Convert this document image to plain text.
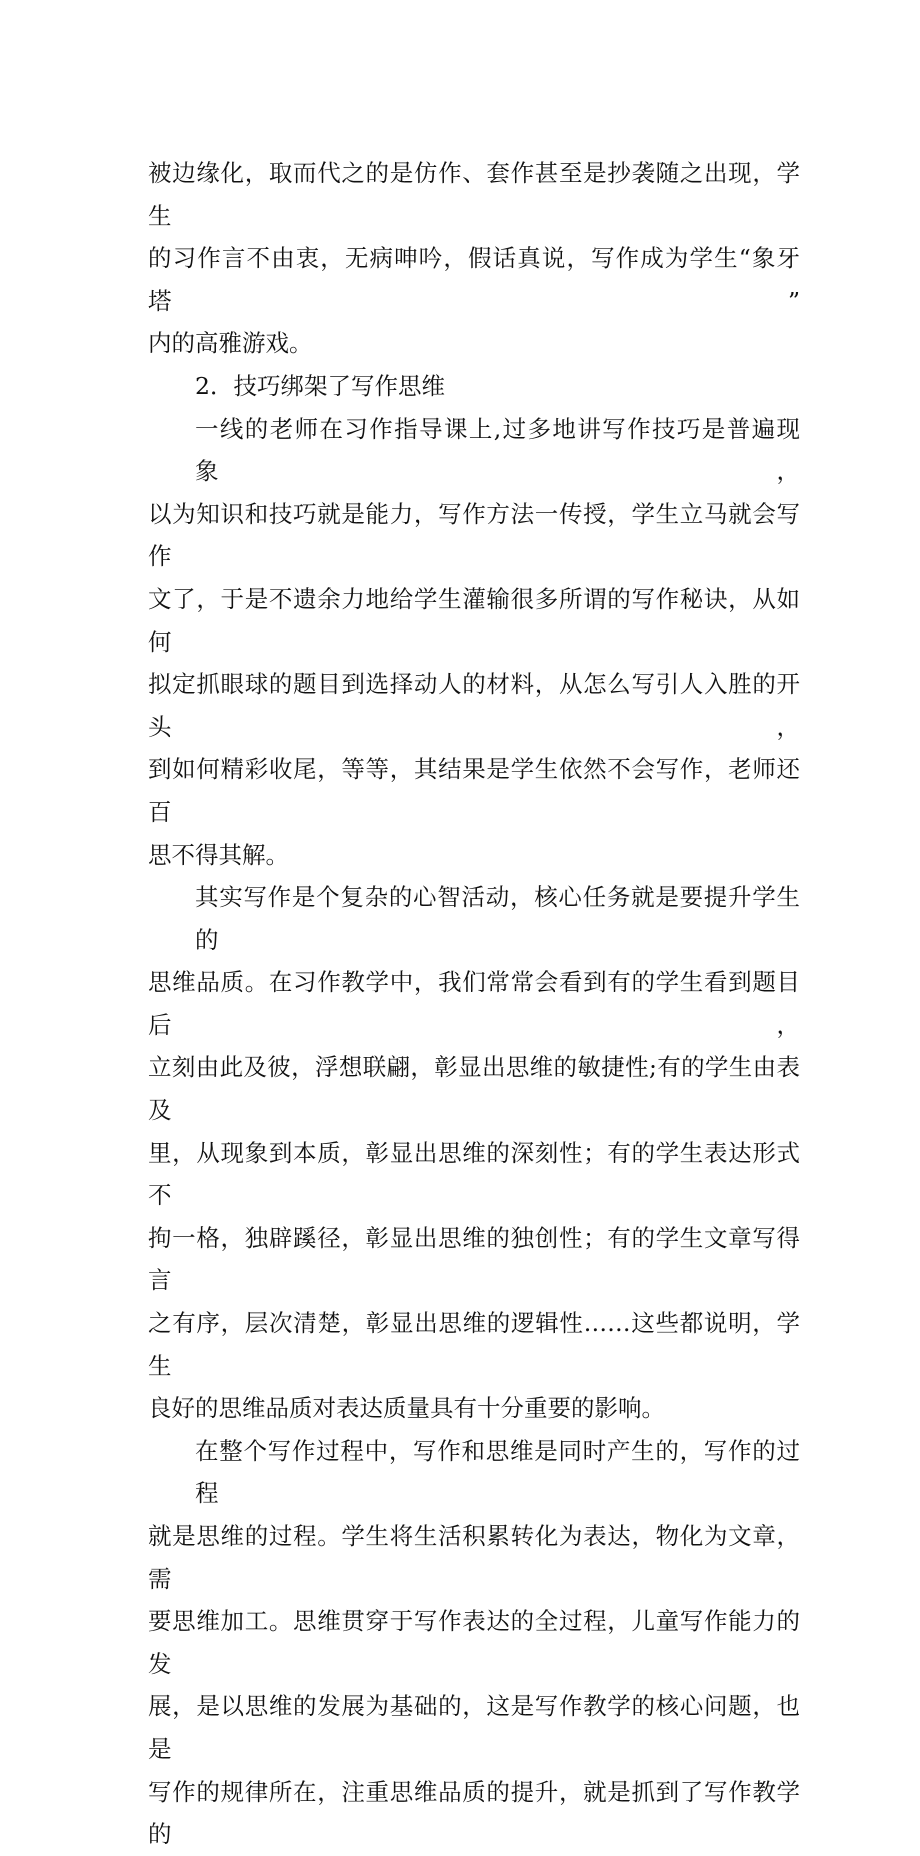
被边缘化，取而代之的是仿作、套作甚至是抄袭随之出现，学生
的习作言不由衷，无病呻吟，假话真说，写作成为学生“象牙塔”
内的高雅游戏。
2．技巧绑架了写作思维
一线的老师在习作指导课上,过多地讲写作技巧是普遍现象，
以为知识和技巧就是能力，写作方法一传授，学生立马就会写作
文了，于是不遗余力地给学生灌输很多所谓的写作秘诀，从如何
拟定抓眼球的题目到选择动人的材料，从怎么写引人入胜的开头，
到如何精彩收尾，等等，其结果是学生依然不会写作，老师还百
思不得其解。
其实写作是个复杂的心智活动，核心任务就是要提升学生的
思维品质。在习作教学中，我们常常会看到有的学生看到题目后，
立刻由此及彼，浮想联翩，彰显出思维的敏捷性;有的学生由表及
里，从现象到本质，彰显出思维的深刻性；有的学生表达形式不
拘一格，独辟蹊径，彰显出思维的独创性；有的学生文章写得言
之有序，层次清楚，彰显出思维的逻辑性……这些都说明，学生
良好的思维品质对表达质量具有十分重要的影响。
在整个写作过程中，写作和思维是同时产生的，写作的过程
就是思维的过程。学生将生活积累转化为表达，物化为文章，需
要思维加工。思维贯穿于写作表达的全过程，儿童写作能力的发
展，是以思维的发展为基础的，这是写作教学的核心问题，也是
写作的规律所在，注重思维品质的提升，就是抓到了写作教学的
